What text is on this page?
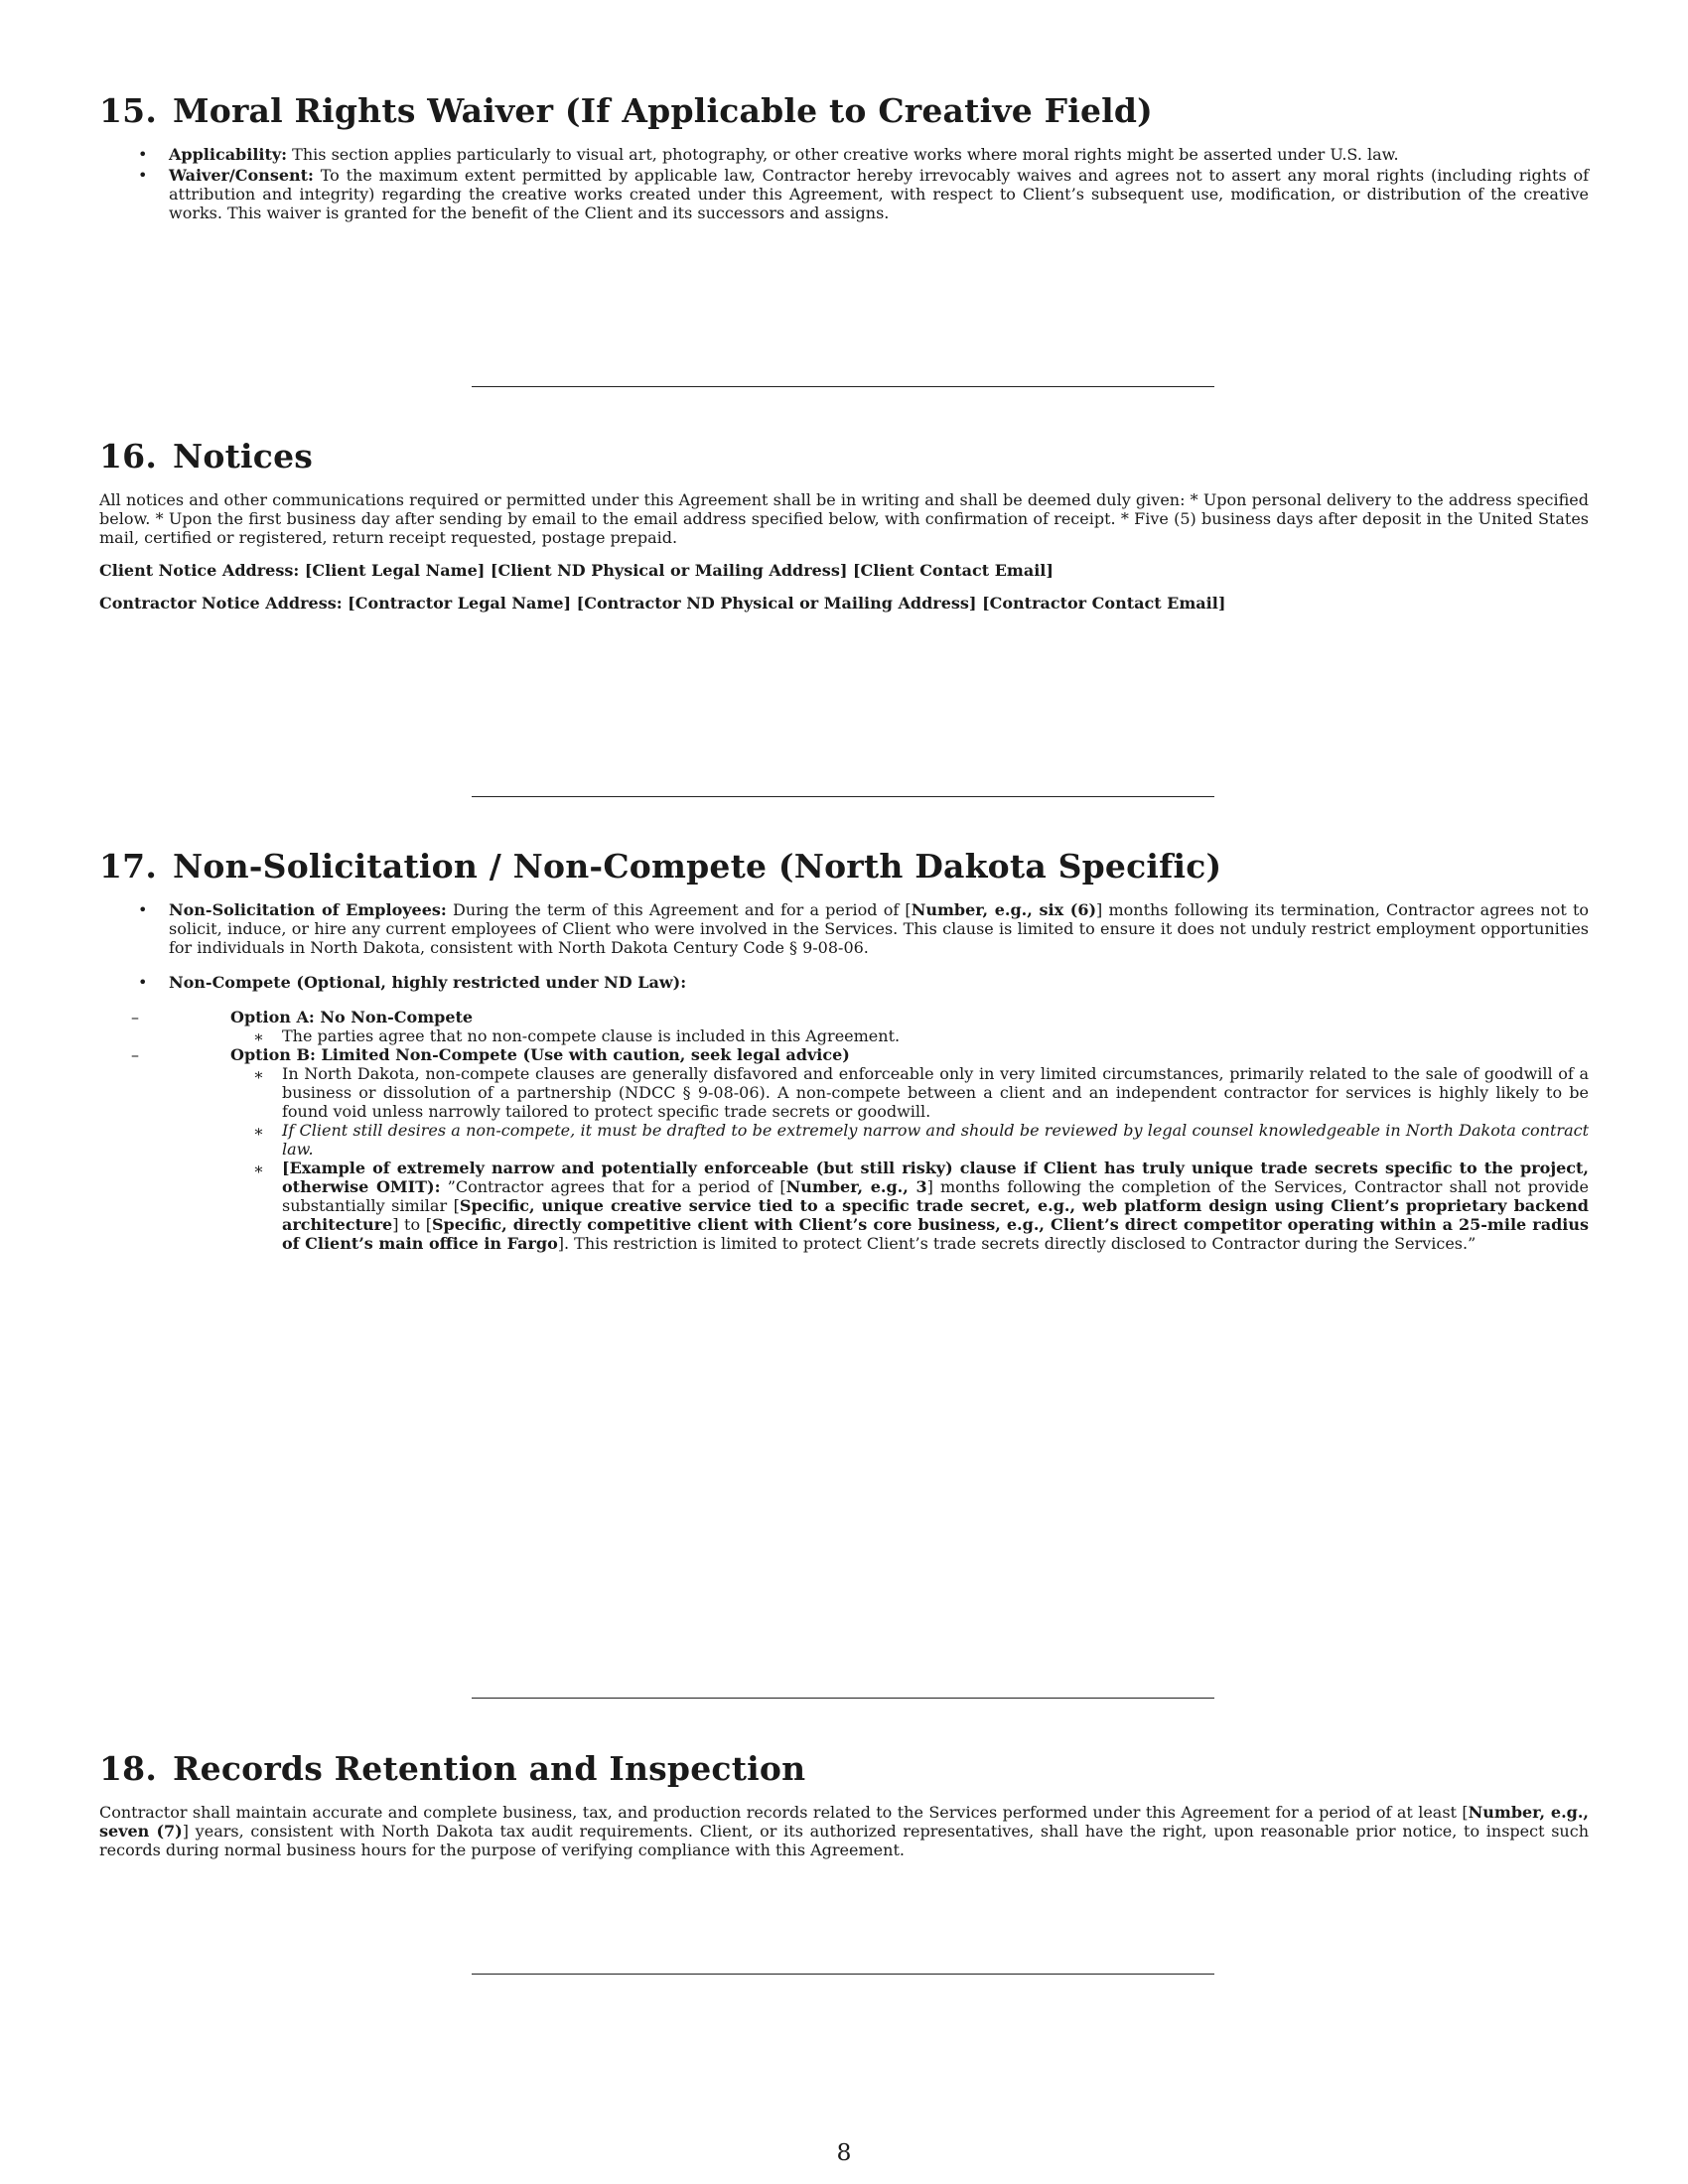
15. Moral Rights Waiver (If Applicable to Creative Field)
• Applicability: This section applies particularly to visual art, photography, or other creative works where moral rights might be asserted under U.S. law.
• Waiver/Consent: To the maximum extent permitted by applicable law, Contractor hereby irrevocably waives and agrees not to assert any moral rights (including rights of attribution and integrity) regarding the creative works created under this Agreement, with respect to Client’s subsequent use, modification, or distribution of the creative works. This waiver is granted for the benefit of the Client and its successors and assigns.
16. Notices

All notices and other communications required or permitted under this Agreement shall be in writing and shall be deemed duly given: * Upon personal delivery to the address specified below. * Upon the first business day after sending by email to the email address specified below, with confirmation of receipt. * Five (5) business days after deposit in the United States mail, certified or registered, return receipt requested, postage prepaid.

Client Notice Address: [Client Legal Name] [Client ND Physical or Mailing Address] [Client Contact Email]

Contractor Notice Address: [Contractor Legal Name] [Contractor ND Physical or Mailing Address] [Contractor Contact Email]

17. Non-Solicitation / Non-Compete (North Dakota Specific)
• Non-Solicitation of Employees: During the term of this Agreement and for a period of [Number, e.g., six (6)] months following its termination, Contractor agrees not to solicit, induce, or hire any current employees of Client who were involved in the Services. This clause is limited to ensure it does not unduly restrict employment opportunities for individuals in North Dakota, consistent with North Dakota Century Code § 9-08-06.
• Non-Compete (Optional, highly restricted under ND Law):
– Option A: No Non-Compete
∗ The parties agree that no non-compete clause is included in this Agreement.
– Option B: Limited Non-Compete (Use with caution, seek legal advice)
∗ In North Dakota, non-compete clauses are generally disfavored and enforceable only in very limited circumstances, primarily related to the sale of goodwill of a business or dissolution of a partnership (NDCC § 9-08-06). A non-compete between a client and an independent contractor for services is highly likely to be found void unless narrowly tailored to protect specific trade secrets or goodwill.
∗ If Client still desires a non-compete, it must be drafted to be extremely narrow and should be reviewed by legal counsel knowledgeable in North Dakota contract law.
∗ [Example of extremely narrow and potentially enforceable (but still risky) clause if Client has truly unique trade secrets specific to the project, otherwise OMIT): ”Contractor agrees that for a period of [Number, e.g., 3] months following the completion of the Services, Contractor shall not provide substantially similar [Specific, unique creative service tied to a specific trade secret, e.g., web platform design using Client’s proprietary backend architecture] to [Specific, directly competitive client with Client’s core business, e.g., Client’s direct competitor operating within a 25-mile radius of Client’s main office in Fargo]. This restriction is limited to protect Client’s trade secrets directly disclosed to Contractor during the Services.”
18. Records Retention and Inspection

Contractor shall maintain accurate and complete business, tax, and production records related to the Services performed under this Agreement for a period of at least [Number, e.g., seven (7)] years, consistent with North Dakota tax audit requirements. Client, or its authorized representatives, shall have the right, upon reasonable prior notice, to inspect such records during normal business hours for the purpose of verifying compliance with this Agreement.

8
